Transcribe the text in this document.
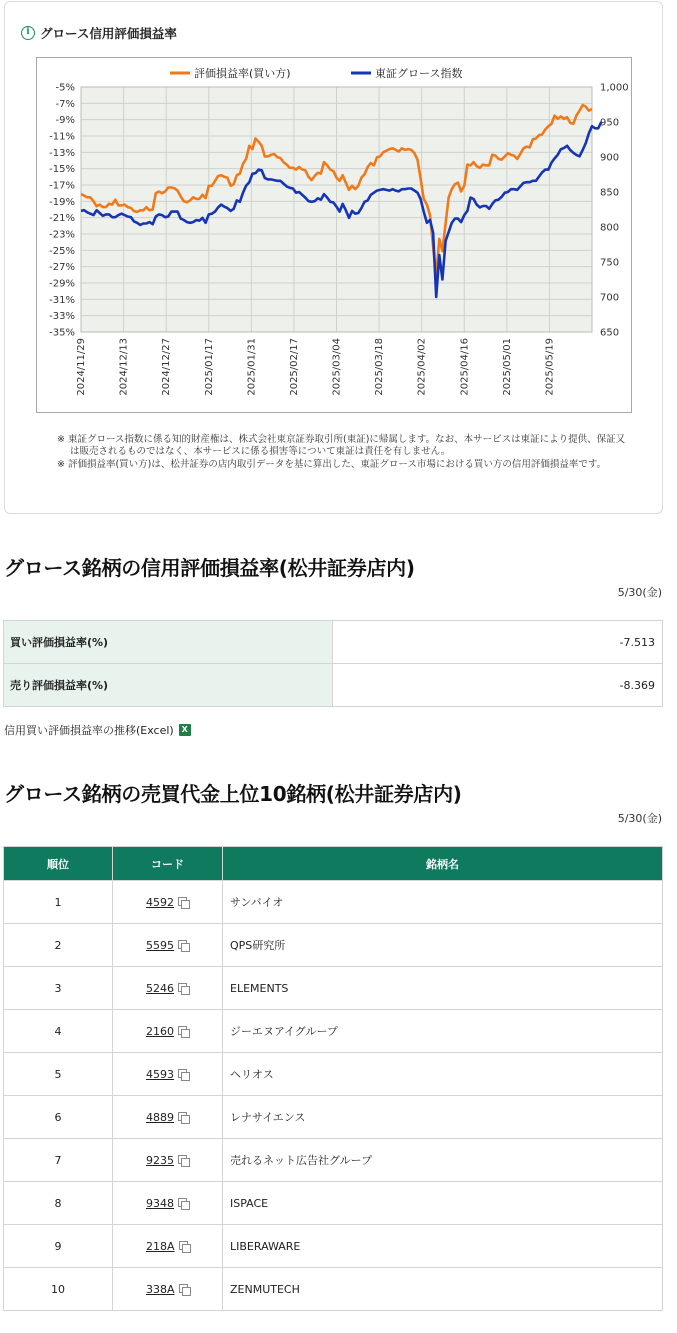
i グロース信用評価損益率
-5%
-7%
-9%
-11%
-13%
-15%
-17%
-19%
-21%
-23%
-25%
-27%
-29%
-31%
-33%
-35%
1,000
950
900
850
800
750
700
650
2024/11/29	2024/12/13	2024/12/27	2025/01/17	2025/01/31	2025/02/17	2025/03/04	2025/03/18	2025/04/02	2025/04/16	2025/05/01	2025/05/19
評価損益率(買い方)	東証グロース指数
※ 東証グロース指数に係る知的財産権は、株式会社東京証券取引所(東証)に帰属します。なお、本サービスは東証により提供、保証又は販売されるものではなく、本サービスに係る損害等について東証は責任を有しません。
※ 評価損益率(買い方)は、松井証券の店内取引データを基に算出した、東証グロース市場における買い方の信用評価損益率です。
グロース銘柄の信用評価損益率(松井証券店内)
5/30(金)
買い評価損益率(%)	-7.513
売り評価損益率(%)	-8.369
信用買い評価損益率の推移(Excel) X
グロース銘柄の売買代金上位10銘柄(松井証券店内)
5/30(金)
順位	コード	銘柄名
1	4592	サンバイオ
2	5595	QPS研究所
3	5246	ELEMENTS
4	2160	ジーエヌアイグループ
5	4593	ヘリオス
6	4889	レナサイエンス
7	9235	売れるネット広告社グループ
8	9348	ISPACE
9	218A	LIBERAWARE
10	338A	ZENMUTECH
